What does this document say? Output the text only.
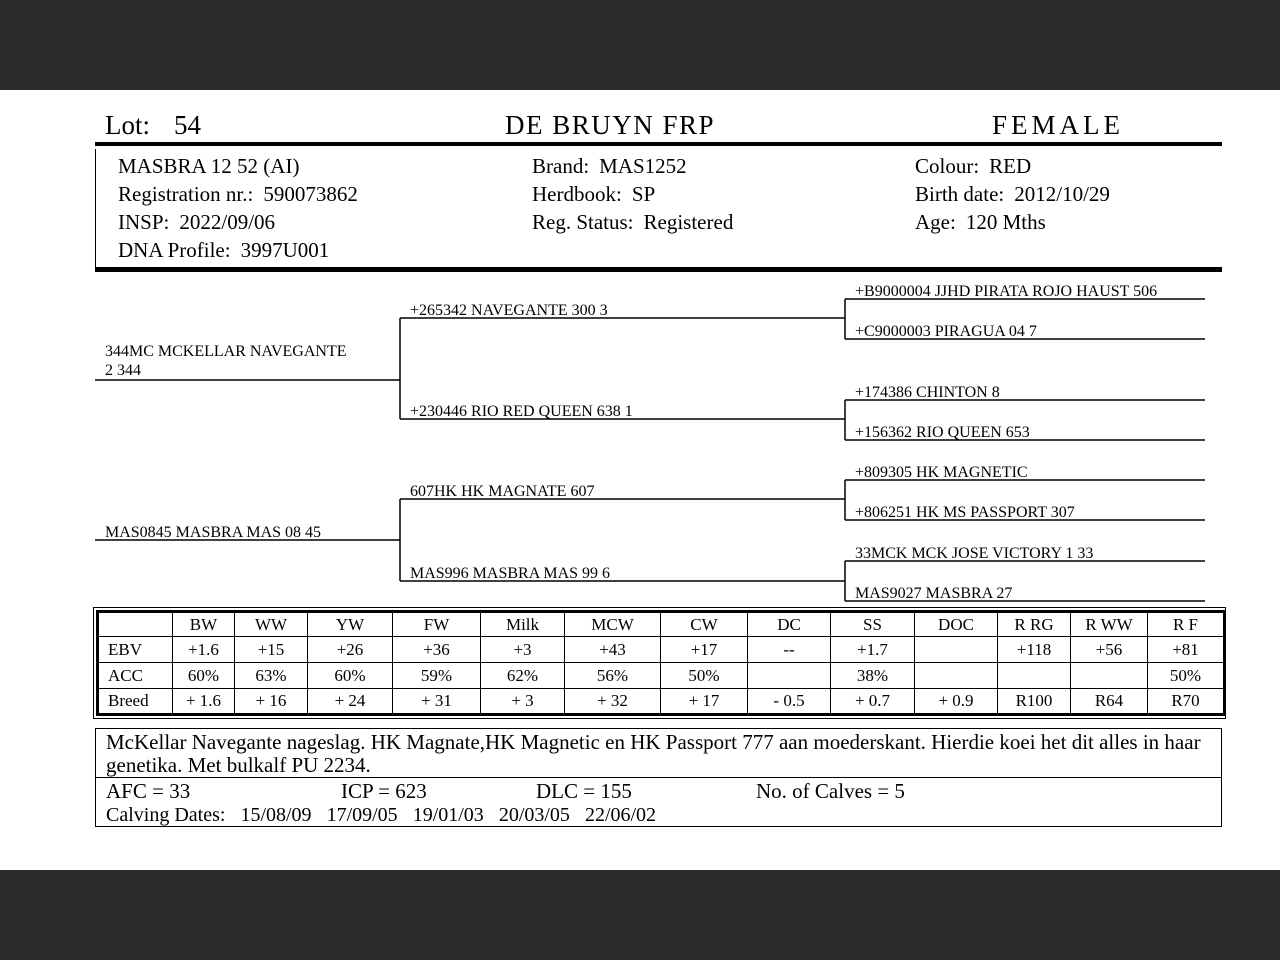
Lot: 54	DE BRUYN FRP	FEMALE
MASBRA 12 52 (AI)
Registration nr.: 590073862
INSP: 2022/09/06
DNA Profile: 3997U001
Brand: MAS1252
Herdbook: SP
Reg. Status: Registered
Colour: RED
Birth date: 2012/10/29
Age: 120 Mths
+B9000004 JJHD PIRATA ROJO HAUST 506
+C9000003 PIRAGUA 04 7
+265342 NAVEGANTE 300 3
344MC MCKELLAR NAVEGANTE
2 344
+174386 CHINTON 8
+230446 RIO RED QUEEN 638 1
+156362 RIO QUEEN 653
+809305 HK MAGNETIC
607HK HK MAGNATE 607
+806251 HK MS PASSPORT 307
MAS0845 MASBRA MAS 08 45
33MCK MCK JOSE VICTORY 1 33
MAS996 MASBRA MAS 99 6
MAS9027 MASBRA 27
	BW	WW	YW	FW	Milk	MCW	CW	DC	SS	DOC	R RG	R WW	R F
EBV	+1.6	+15	+26	+36	+3	+43	+17	--	+1.7		+118	+56	+81
ACC	60%	63%	60%	59%	62%	56%	50%		38%				50%
Breed	+ 1.6	+ 16	+ 24	+ 31	+ 3	+ 32	+ 17	- 0.5	+ 0.7	+ 0.9	R100	R64	R70
McKellar Navegante nageslag. HK Magnate,HK Magnetic en HK Passport 777 aan moederskant. Hierdie koei het dit alles in haar genetika. Met bulkalf PU 2234.
AFC = 33	ICP = 623	DLC = 155	No. of Calves = 5
Calving Dates: 15/08/09 17/09/05 19/01/03 20/03/05 22/06/02
